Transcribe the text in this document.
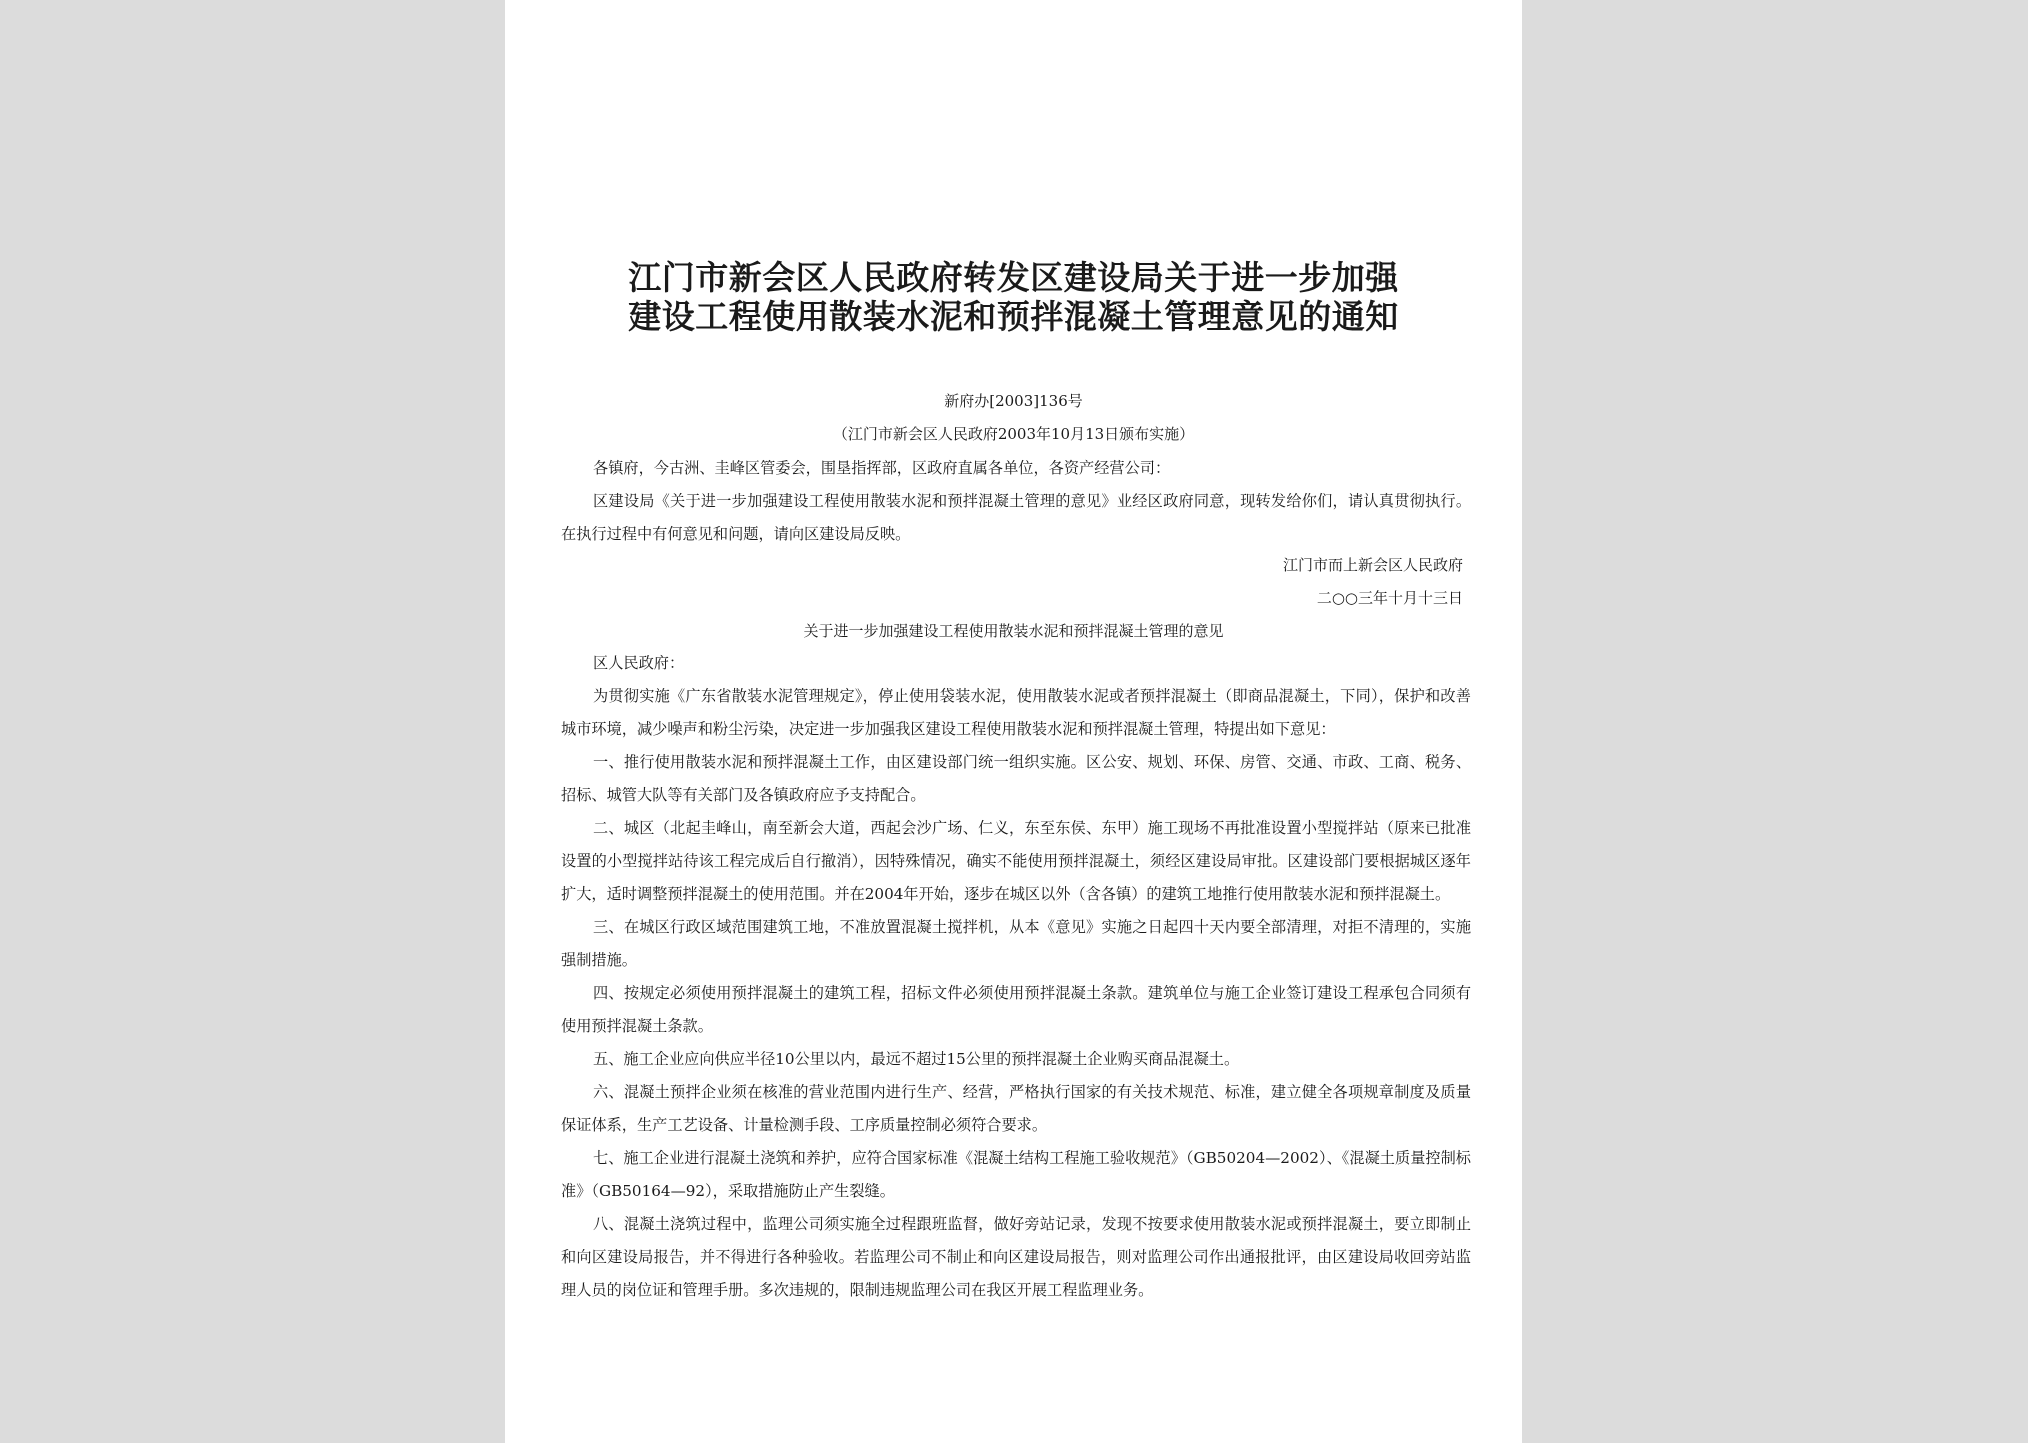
江门市新会区人民政府转发区建设局关于进一步加强
建设工程使用散装水泥和预拌混凝土管理意见的通知
新府办[2003]136号
（江门市新会区人民政府2003年10月13日颁布实施）

各镇府，今古洲、圭峰区管委会，围垦指挥部，区政府直属各单位，各资产经营公司：

区建设局《关于进一步加强建设工程使用散装水泥和预拌混凝土管理的意见》业经区政府同意，现转发给你们，请认真贯彻执行。在执行过程中有何意见和问题，请向区建设局反映。

江门市而上新会区人民政府
二○○三年十月十三日
关于进一步加强建设工程使用散装水泥和预拌混凝土管理的意见

区人民政府：

为贯彻实施《广东省散装水泥管理规定》，停止使用袋装水泥，使用散装水泥或者预拌混凝土（即商品混凝土，下同），保护和改善城市环境，减少噪声和粉尘污染，决定进一步加强我区建设工程使用散装水泥和预拌混凝土管理，特提出如下意见：

一、推行使用散装水泥和预拌混凝土工作，由区建设部门统一组织实施。区公安、规划、环保、房管、交通、市政、工商、税务、招标、城管大队等有关部门及各镇政府应予支持配合。

二、城区（北起圭峰山，南至新会大道，西起会沙广场、仁义，东至东侯、东甲）施工现场不再批准设置小型搅拌站（原来已批准设置的小型搅拌站待该工程完成后自行撤消），因特殊情况，确实不能使用预拌混凝土，须经区建设局审批。区建设部门要根据城区逐年扩大，适时调整预拌混凝土的使用范围。并在2004年开始，逐步在城区以外（含各镇）的建筑工地推行使用散装水泥和预拌混凝土。

三、在城区行政区域范围建筑工地，不准放置混凝土搅拌机，从本《意见》实施之日起四十天内要全部清理，对拒不清理的，实施强制措施。

四、按规定必须使用预拌混凝土的建筑工程，招标文件必须使用预拌混凝土条款。建筑单位与施工企业签订建设工程承包合同须有使用预拌混凝土条款。

五、施工企业应向供应半径10公里以内，最远不超过15公里的预拌混凝土企业购买商品混凝土。

六、混凝土预拌企业须在核准的营业范围内进行生产、经营，严格执行国家的有关技术规范、标准，建立健全各项规章制度及质量保证体系，生产工艺设备、计量检测手段、工序质量控制必须符合要求。

七、施工企业进行混凝土浇筑和养护，应符合国家标准《混凝土结构工程施工验收规范》（GB50204—2002）、《混凝土质量控制标准》（GB50164—92），采取措施防止产生裂缝。

八、混凝土浇筑过程中，监理公司须实施全过程跟班监督，做好旁站记录，发现不按要求使用散装水泥或预拌混凝土，要立即制止和向区建设局报告，并不得进行各种验收。若监理公司不制止和向区建设局报告，则对监理公司作出通报批评，由区建设局收回旁站监理人员的岗位证和管理手册。多次违规的，限制违规监理公司在我区开展工程监理业务。
